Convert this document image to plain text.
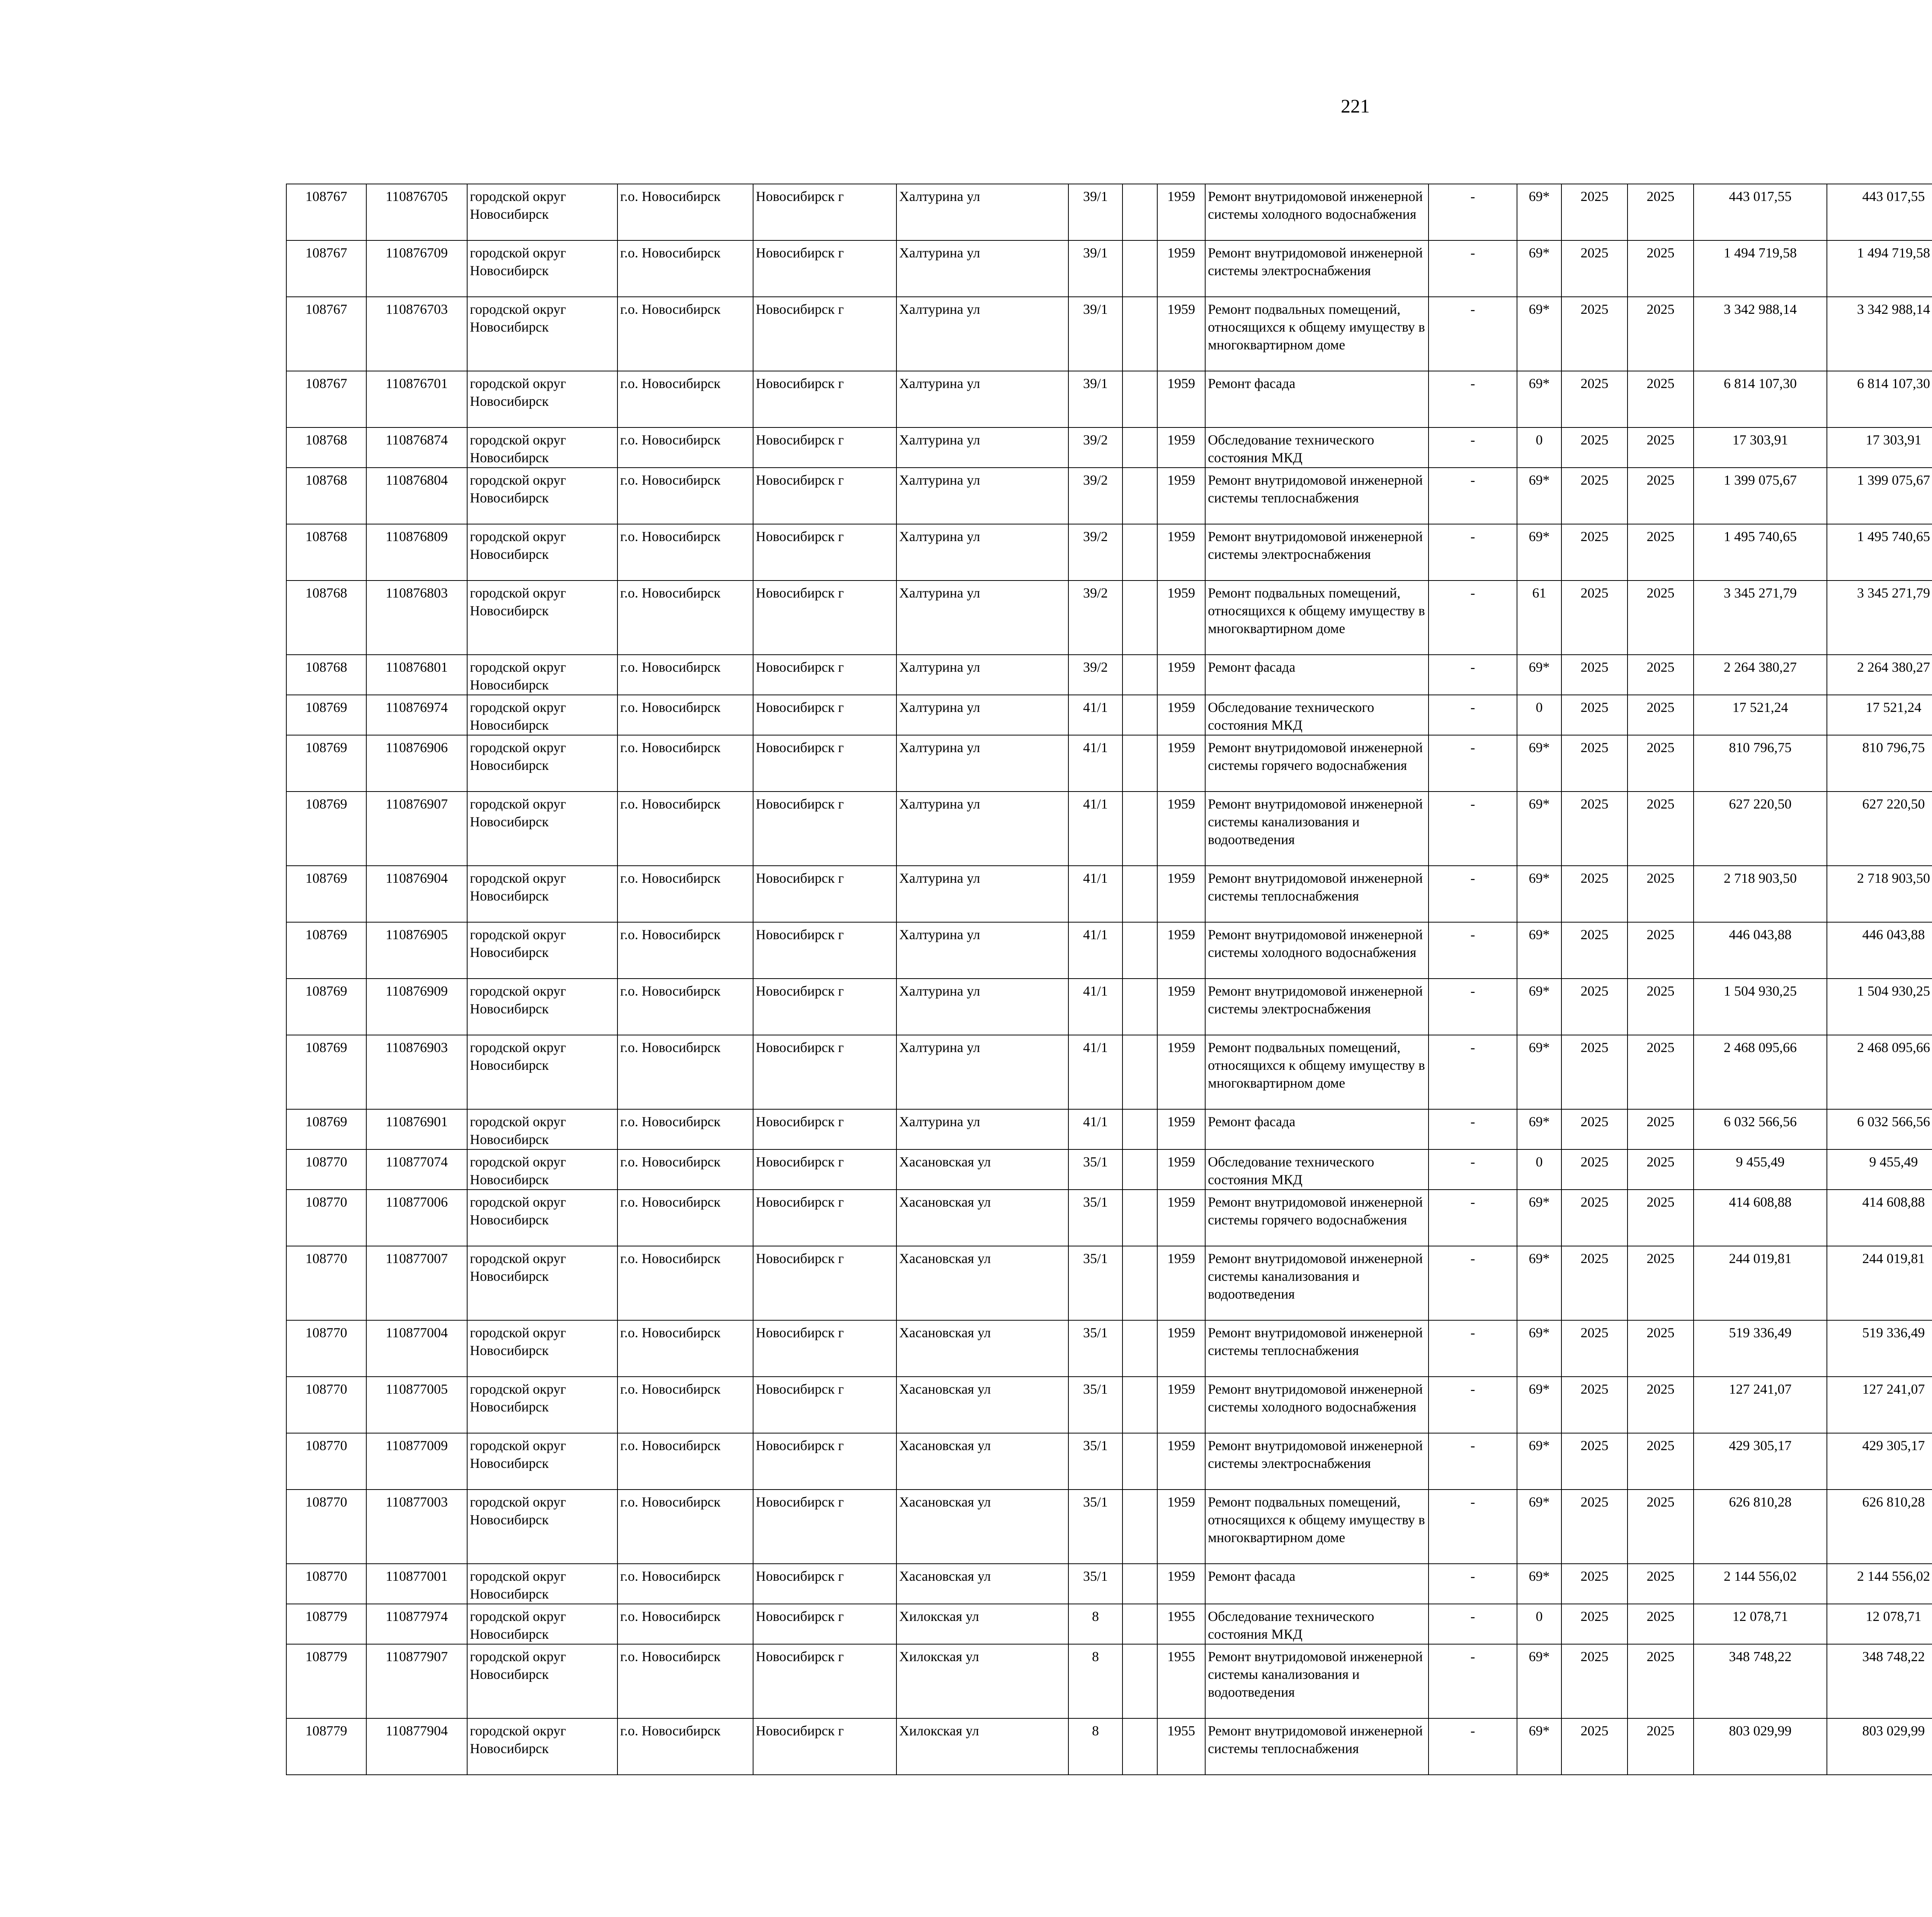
221
108767	110876705	городской округ Новосибирск	г.о. Новосибирск	Новосибирск г	Халтурина ул	39/1		1959	Ремонт внутридомовой инженерной системы холодного водоснабжения	-	69*	2025	2025	443 017,55	443 017,55						
108767	110876709	городской округ Новосибирск	г.о. Новосибирск	Новосибирск г	Халтурина ул	39/1		1959	Ремонт внутридомовой инженерной системы электроснабжения	-	69*	2025	2025	1 494 719,58	1 494 719,58						
108767	110876703	городской округ Новосибирск	г.о. Новосибирск	Новосибирск г	Халтурина ул	39/1		1959	Ремонт подвальных помещений, относящихся к общему имуществу в многоквартирном доме	-	69*	2025	2025	3 342 988,14	3 342 988,14						
108767	110876701	городской округ Новосибирск	г.о. Новосибирск	Новосибирск г	Халтурина ул	39/1		1959	Ремонт фасада	-	69*	2025	2025	6 814 107,30	6 814 107,30						
108768	110876874	городской округ Новосибирск	г.о. Новосибирск	Новосибирск г	Халтурина ул	39/2		1959	Обследование технического состояния МКД	-	0	2025	2025	17 303,91	17 303,91						
108768	110876804	городской округ Новосибирск	г.о. Новосибирск	Новосибирск г	Халтурина ул	39/2		1959	Ремонт внутридомовой инженерной системы теплоснабжения	-	69*	2025	2025	1 399 075,67	1 399 075,67						
108768	110876809	городской округ Новосибирск	г.о. Новосибирск	Новосибирск г	Халтурина ул	39/2		1959	Ремонт внутридомовой инженерной системы электроснабжения	-	69*	2025	2025	1 495 740,65	1 495 740,65						
108768	110876803	городской округ Новосибирск	г.о. Новосибирск	Новосибирск г	Халтурина ул	39/2		1959	Ремонт подвальных помещений, относящихся к общему имуществу в многоквартирном доме	-	61	2025	2025	3 345 271,79	3 345 271,79						
108768	110876801	городской округ Новосибирск	г.о. Новосибирск	Новосибирск г	Халтурина ул	39/2		1959	Ремонт фасада	-	69*	2025	2025	2 264 380,27	2 264 380,27						
108769	110876974	городской округ Новосибирск	г.о. Новосибирск	Новосибирск г	Халтурина ул	41/1		1959	Обследование технического состояния МКД	-	0	2025	2025	17 521,24	17 521,24						
108769	110876906	городской округ Новосибирск	г.о. Новосибирск	Новосибирск г	Халтурина ул	41/1		1959	Ремонт внутридомовой инженерной системы горячего водоснабжения	-	69*	2025	2025	810 796,75	810 796,75						
108769	110876907	городской округ Новосибирск	г.о. Новосибирск	Новосибирск г	Халтурина ул	41/1		1959	Ремонт внутридомовой инженерной системы канализования и водоотведения	-	69*	2025	2025	627 220,50	627 220,50						
108769	110876904	городской округ Новосибирск	г.о. Новосибирск	Новосибирск г	Халтурина ул	41/1		1959	Ремонт внутридомовой инженерной системы теплоснабжения	-	69*	2025	2025	2 718 903,50	2 718 903,50						
108769	110876905	городской округ Новосибирск	г.о. Новосибирск	Новосибирск г	Халтурина ул	41/1		1959	Ремонт внутридомовой инженерной системы холодного водоснабжения	-	69*	2025	2025	446 043,88	446 043,88						
108769	110876909	городской округ Новосибирск	г.о. Новосибирск	Новосибирск г	Халтурина ул	41/1		1959	Ремонт внутридомовой инженерной системы электроснабжения	-	69*	2025	2025	1 504 930,25	1 504 930,25						
108769	110876903	городской округ Новосибирск	г.о. Новосибирск	Новосибирск г	Халтурина ул	41/1		1959	Ремонт подвальных помещений, относящихся к общему имуществу в многоквартирном доме	-	69*	2025	2025	2 468 095,66	2 468 095,66						
108769	110876901	городской округ Новосибирск	г.о. Новосибирск	Новосибирск г	Халтурина ул	41/1		1959	Ремонт фасада	-	69*	2025	2025	6 032 566,56	6 032 566,56						
108770	110877074	городской округ Новосибирск	г.о. Новосибирск	Новосибирск г	Хасановская ул	35/1		1959	Обследование технического состояния МКД	-	0	2025	2025	9 455,49	9 455,49						
108770	110877006	городской округ Новосибирск	г.о. Новосибирск	Новосибирск г	Хасановская ул	35/1		1959	Ремонт внутридомовой инженерной системы горячего водоснабжения	-	69*	2025	2025	414 608,88	414 608,88						
108770	110877007	городской округ Новосибирск	г.о. Новосибирск	Новосибирск г	Хасановская ул	35/1		1959	Ремонт внутридомовой инженерной системы канализования и водоотведения	-	69*	2025	2025	244 019,81	244 019,81						
108770	110877004	городской округ Новосибирск	г.о. Новосибирск	Новосибирск г	Хасановская ул	35/1		1959	Ремонт внутридомовой инженерной системы теплоснабжения	-	69*	2025	2025	519 336,49	519 336,49						
108770	110877005	городской округ Новосибирск	г.о. Новосибирск	Новосибирск г	Хасановская ул	35/1		1959	Ремонт внутридомовой инженерной системы холодного водоснабжения	-	69*	2025	2025	127 241,07	127 241,07						
108770	110877009	городской округ Новосибирск	г.о. Новосибирск	Новосибирск г	Хасановская ул	35/1		1959	Ремонт внутридомовой инженерной системы электроснабжения	-	69*	2025	2025	429 305,17	429 305,17						
108770	110877003	городской округ Новосибирск	г.о. Новосибирск	Новосибирск г	Хасановская ул	35/1		1959	Ремонт подвальных помещений, относящихся к общему имуществу в многоквартирном доме	-	69*	2025	2025	626 810,28	626 810,28						
108770	110877001	городской округ Новосибирск	г.о. Новосибирск	Новосибирск г	Хасановская ул	35/1		1959	Ремонт фасада	-	69*	2025	2025	2 144 556,02	2 144 556,02						
108779	110877974	городской округ Новосибирск	г.о. Новосибирск	Новосибирск г	Хилокская ул	8		1955	Обследование технического состояния МКД	-	0	2025	2025	12 078,71	12 078,71						
108779	110877907	городской округ Новосибирск	г.о. Новосибирск	Новосибирск г	Хилокская ул	8		1955	Ремонт внутридомовой инженерной системы канализования и водоотведения	-	69*	2025	2025	348 748,22	348 748,22						
108779	110877904	городской округ Новосибирск	г.о. Новосибирск	Новосибирск г	Хилокская ул	8		1955	Ремонт внутридомовой инженерной системы теплоснабжения	-	69*	2025	2025	803 029,99	803 029,99						
